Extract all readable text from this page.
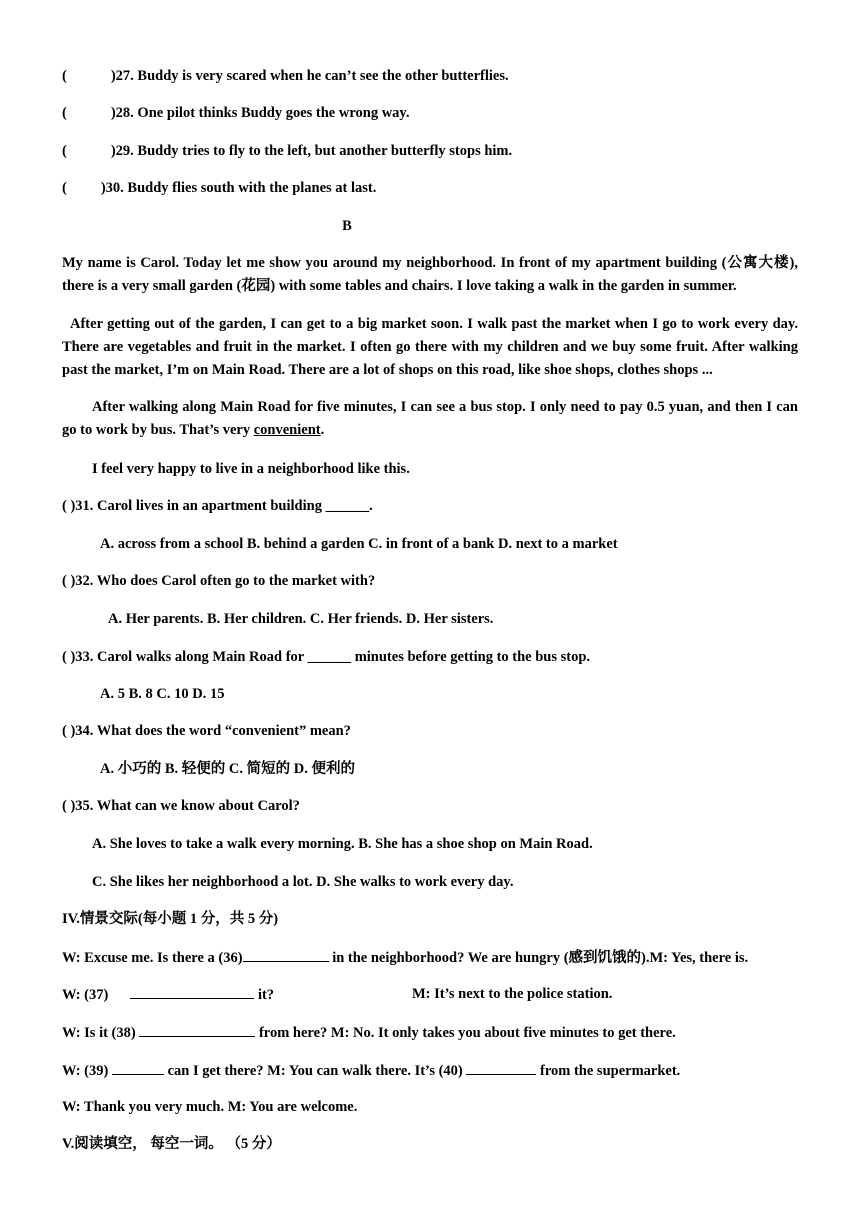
(	)27. Buddy is very scared when he can’t see the other butterflies.
(	)28. One pilot thinks Buddy goes the wrong way.
(	)29. Buddy tries to fly to the left, but another butterfly stops him.
( )30. Buddy flies south with the planes at last.
B
My name is Carol. Today let me show you around my neighborhood. In front of my apartment building (公寓大楼), there is a very small garden (花园) with some tables and chairs. I love taking a walk in the garden in summer.
After getting out of the garden, I can get to a big market soon. I walk past the market when I go to work every day. There are vegetables and fruit in the market. I often go there with my children and we buy some fruit. After walking past the market, I’m on Main Road. There are a lot of shops on this road, like shoe shops, clothes shops ...
After walking along Main Road for five minutes, I can see a bus stop. I only need to pay 0.5 yuan, and then I can go to work by bus. That’s very convenient.
I feel very happy to live in a neighborhood like this.
( )31. Carol lives in an apartment building ______.
A. across from a school B. behind a garden C. in front of a bank D. next to a market
( )32. Who does Carol often go to the market with?
A. Her parents. B. Her children. C. Her friends. D. Her sisters.
( )33. Carol walks along Main Road for ______ minutes before getting to the bus stop.
A. 5 B. 8 C. 10 D. 15
( )34. What does the word “convenient” mean?
A. 小巧的 B. 轻便的 C. 简短的 D. 便利的
( )35. What can we know about Carol?
A. She loves to take a walk every morning. B. She has a shoe shop on Main Road.
C. She likes her neighborhood a lot. D. She walks to work every day.
IV.情景交际(每小题 1 分，共 5 分)
W: Excuse me. Is there a (36)	in the neighborhood? We are hungry (感到饥饿的).M: Yes, there is.
W: (37)	it?	M: It’s next to the police station.
W: Is it (38)	from here? M: No. It only takes you about five minutes to get there.
W: (39)	can I get there? M: You can walk there. It’s (40)	from the supermarket.
W: Thank you very much. M: You are welcome.
V.阅读填空， 每空一词。 （5 分）
